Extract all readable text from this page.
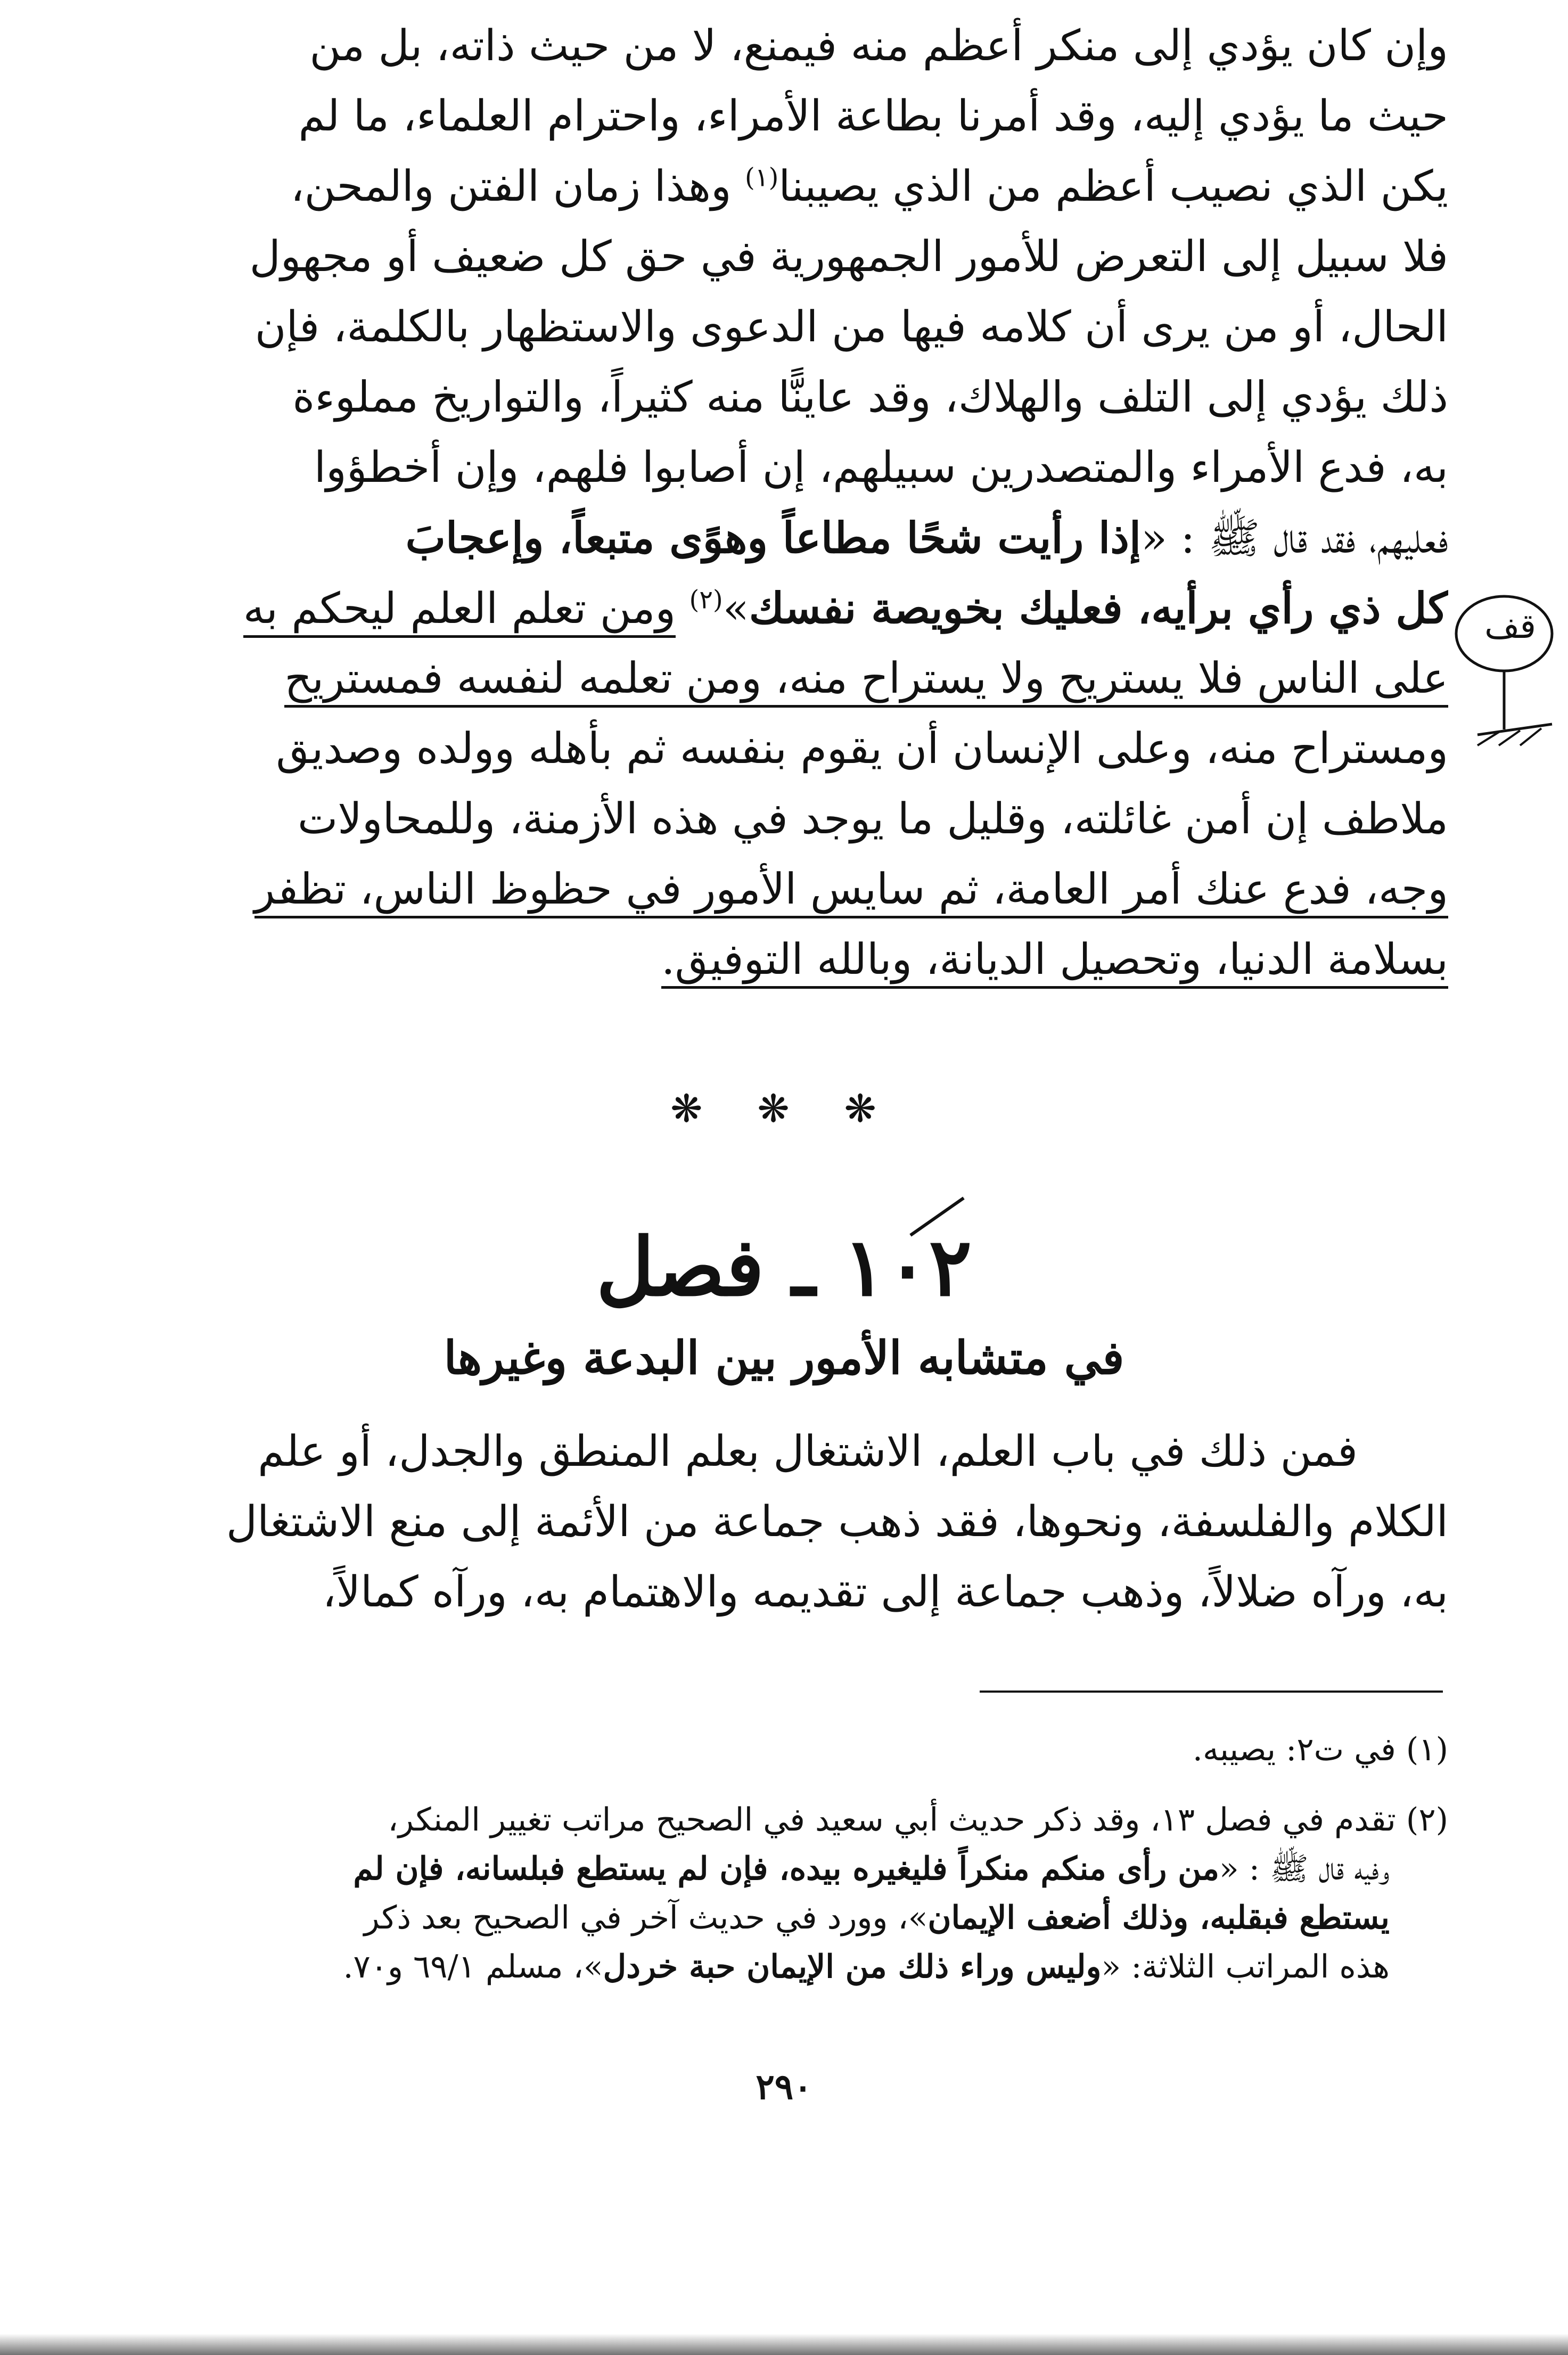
وإن كان يؤدي إلى منكر أعظم منه فيمنع، لا من حيث ذاته، بل من
حيث ما يؤدي إليه، وقد أمرنا بطاعة الأمراء، واحترام العلماء، ما لم
يكن الذي نصيب أعظم من الذي يصيبنا$^{(١)}$ وهذا زمان الفتن والمحن،
فلا سبيل إلى التعرض للأمور الجمهورية في حق كل ضعيف أو مجهول
الحال، أو من يرى أن كلامه فيها من الدعوى والاستظهار بالكلمة، فإن
ذلك يؤدي إلى التلف والهلاك، وقد عاينًّا منه كثيراً، والتواريخ مملوءة
به، فدع الأمراء والمتصدرين سبيلهم، إن أصابوا فلهم، وإن أخطؤوا
فعليهم، فقد قال ﷺ : «إذا رأيت شحًا مطاعاً وهوًى متبعاً، وإعجابَ
كل ذي رأي برأيه، فعليك بخويصة نفسك»$^{(٢)}$ ومن تعلم العلم ليحكم به
على الناس فلا يستريح ولا يستراح منه، ومن تعلمه لنفسه فمستريح
ومستراح منه، وعلى الإنسان أن يقوم بنفسه ثم بأهله وولده وصديق
ملاطف إن أمن غائلته، وقليل ما يوجد في هذه الأزمنة، وللمحاولات
وجه، فدع عنك أمر العامة، ثم سايس الأمور في حظوظ الناس، تظفر
بسلامة الدنيا، وتحصيل الديانة، وبالله التوفيق.
قف
❋ ❋ ❋
١٠٢ ـ فصل
في متشابه الأمور بين البدعة وغيرها
فمن ذلك في باب العلم، الاشتغال بعلم المنطق والجدل، أو علم
الكلام والفلسفة، ونحوها، فقد ذهب جماعة من الأئمة إلى منع الاشتغال
به، ورآه ضلالاً، وذهب جماعة إلى تقديمه والاهتمام به، ورآه كمالاً،
(١) في ت٢: يصيبه.
(٢) تقدم في فصل ١٣، وقد ذكر حديث أبي سعيد في الصحيح مراتب تغيير المنكر،
وفيه قال ﷺ : «من رأى منكم منكراً فليغيره بيده، فإن لم يستطع فبلسانه، فإن لم
يستطع فبقلبه، وذلك أضعف الإيمان»، وورد في حديث آخر في الصحيح بعد ذكر
هذه المراتب الثلاثة: «وليس وراء ذلك من الإيمان حبة خردل»، مسلم ٦٩/١ و٧٠.
٢٩٠
